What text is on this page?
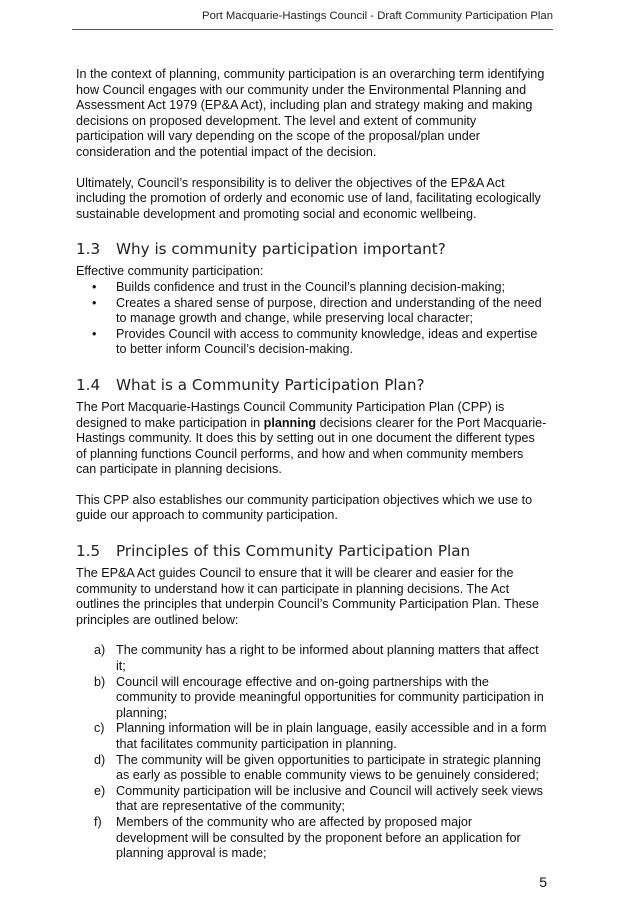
Port Macquarie-Hastings Council - Draft Community Participation Plan

In the context of planning, community participation is an overarching term identifying how Council engages with our community under the Environmental Planning and Assessment Act 1979 (EP&A Act), including plan and strategy making and making decisions on proposed development. The level and extent of community participation will vary depending on the scope of the proposal/plan under consideration and the potential impact of the decision.

Ultimately, Council’s responsibility is to deliver the objectives of the EP&A Act including the promotion of orderly and economic use of land, facilitating ecologically sustainable development and promoting social and economic wellbeing.

1.3 Why is community participation important?

Effective community participation:

• Builds confidence and trust in the Council’s planning decision-making;
• Creates a shared sense of purpose, direction and understanding of the need to manage growth and change, while preserving local character;
• Provides Council with access to community knowledge, ideas and expertise to better inform Council’s decision-making.
1.4 What is a Community Participation Plan?

The Port Macquarie-Hastings Council Community Participation Plan (CPP) is designed to make participation in planning decisions clearer for the Port Macquarie-Hastings community. It does this by setting out in one document the different types of planning functions Council performs, and how and when community members can participate in planning decisions.

This CPP also establishes our community participation objectives which we use to guide our approach to community participation.

1.5 Principles of this Community Participation Plan

The EP&A Act guides Council to ensure that it will be clearer and easier for the community to understand how it can participate in planning decisions. The Act outlines the principles that underpin Council’s Community Participation Plan. These principles are outlined below:

a) The community has a right to be informed about planning matters that affect it;
b) Council will encourage effective and on-going partnerships with the community to provide meaningful opportunities for community participation in planning;
c) Planning information will be in plain language, easily accessible and in a form that facilitates community participation in planning.
d) The community will be given opportunities to participate in strategic planning as early as possible to enable community views to be genuinely considered;
e) Community participation will be inclusive and Council will actively seek views that are representative of the community;
f) Members of the community who are affected by proposed major development will be consulted by the proponent before an application for planning approval is made;
5
